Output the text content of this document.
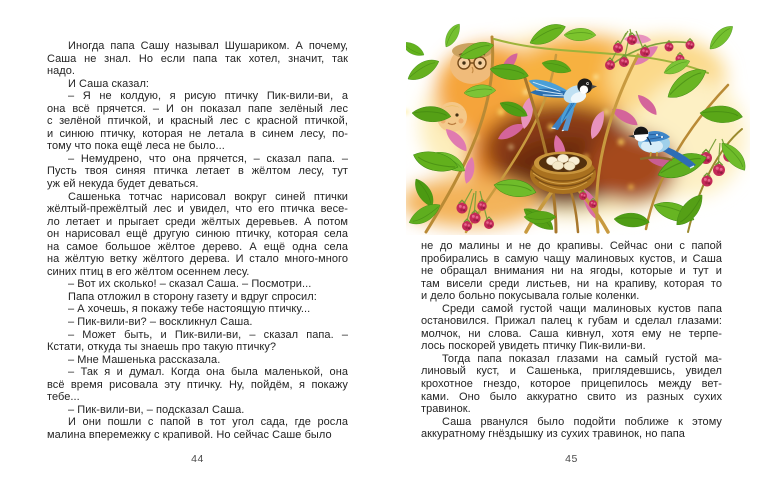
Иногда папа Сашу называл Шушариком. А почему,
Саша не знал. Но если папа так хотел, значит, так
надо.
И Саша сказал:
– Я не колдую, я рисую птичку Пик-вили-ви, а
она всё прячется. – И он показал папе зелёный лес
с зелёной птичкой, и красный лес с красной птичкой,
и синюю птичку, которая не летала в синем лесу, по-
тому что пока ещё леса не было...
– Немудрено, что она прячется, – сказал папа. –
Пусть твоя синяя птичка летает в жёлтом лесу, тут
уж ей некуда будет деваться.
Сашенька тотчас нарисовал вокруг синей птички
жёлтый-прежёлтый лес и увидел, что его птичка весе-
ло летает и прыгает среди жёлтых деревьев. А потом
он нарисовал ещё другую синюю птичку, которая села
на самое большое жёлтое дерево. А ещё одна села
на жёлтую ветку жёлтого дерева. И стало много-много
синих птиц в его жёлтом осеннем лесу.
– Вот их сколько! – сказал Саша. – Посмотри...
Папа отложил в сторону газету и вдруг спросил:
– А хочешь, я покажу тебе настоящую птичку...
– Пик-вили-ви? – воскликнул Саша.
– Может быть, и Пик-вили-ви, – сказал папа. –
Кстати, откуда ты знаешь про такую птичку?
– Мне Машенька рассказала.
– Так я и думал. Когда она была маленькой, она
всё время рисовала эту птичку. Ну, пойдём, я покажу
тебе...
– Пик-вили-ви, – подсказал Саша.
И они пошли с папой в тот угол сада, где росла
малина вперемежку с крапивой. Но сейчас Саше было
44
не до малины и не до крапивы. Сейчас они с папой
пробирались в самую чащу малиновых кустов, и Саша
не обращал внимания ни на ягоды, которые и тут и
там висели среди листьев, ни на крапиву, которая то
и дело больно покусывала голые коленки.
Среди самой густой чащи малиновых кустов папа
остановился. Прижал палец к губам и сделал глазами:
молчок, ни слова. Саша кивнул, хотя ему не терпе-
лось поскорей увидеть птичку Пик-вили-ви.
Тогда папа показал глазами на самый густой ма-
линовый куст, и Сашенька, приглядевшись, увидел
крохотное гнездо, которое прицепилось между вет-
ками. Оно было аккуратно свито из разных сухих
травинок.
Саша рванулся было подойти поближе к этому
аккуратному гнёздышку из сухих травинок, но папа
45
